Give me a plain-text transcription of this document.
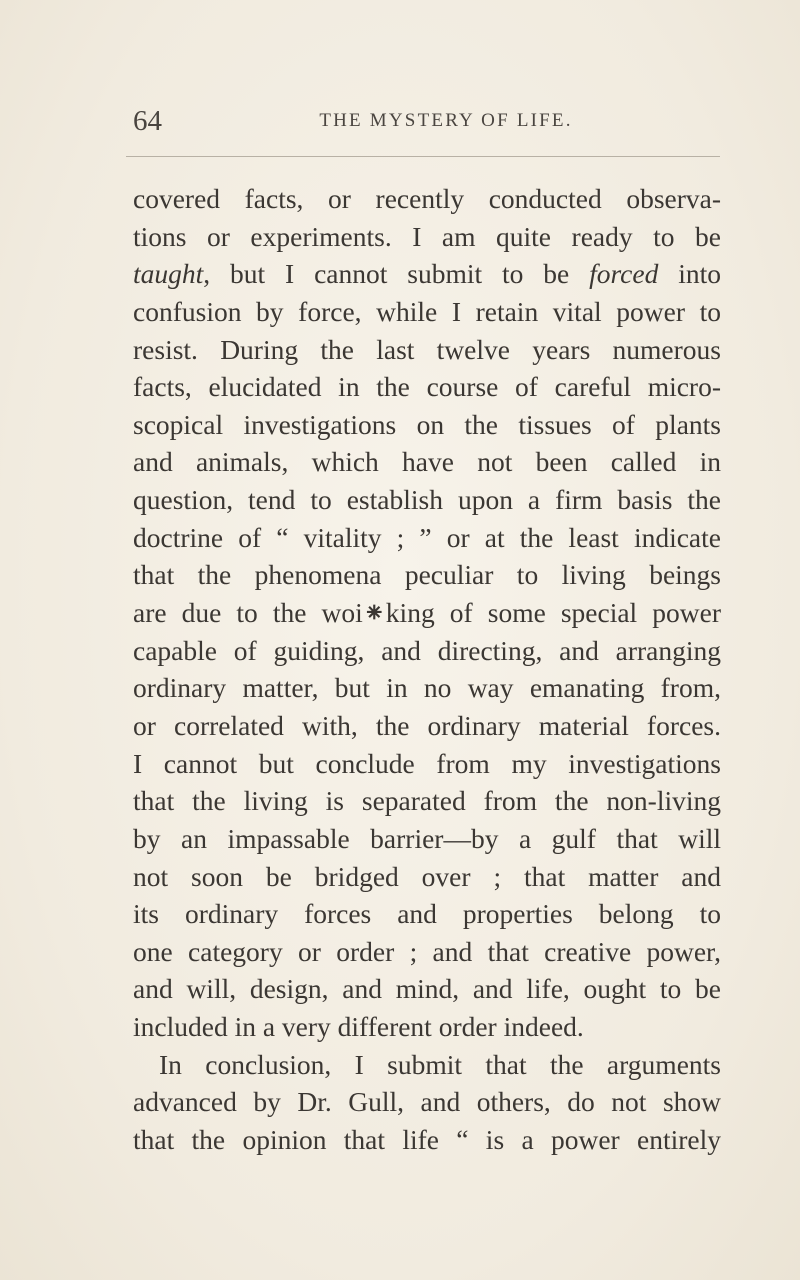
64	THE MYSTERY OF LIFE.
covered facts, or recently conducted observa-
tions or experiments. I am quite ready to be
taught, but I cannot submit to be forced into
confusion by force, while I retain vital power to
resist. During the last twelve years numerous
facts, elucidated in the course of careful micro-
scopical investigations on the tissues of plants
and animals, which have not been called in
question, tend to establish upon a firm basis the
doctrine of “ vitality ; ” or at the least indicate
that the phenomena peculiar to living beings
are due to the woi⁕king of some special power
capable of guiding, and directing, and arranging
ordinary matter, but in no way emanating from,
or correlated with, the ordinary material forces.
I cannot but conclude from my investigations
that the living is separated from the non-living
by an impassable barrier—by a gulf that will
not soon be bridged over ; that matter and
its ordinary forces and properties belong to
one category or order ; and that creative power,
and will, design, and mind, and life, ought to be
included in a very different order indeed.
In conclusion, I submit that the arguments
advanced by Dr. Gull, and others, do not show
that the opinion that life “ is a power entirely
